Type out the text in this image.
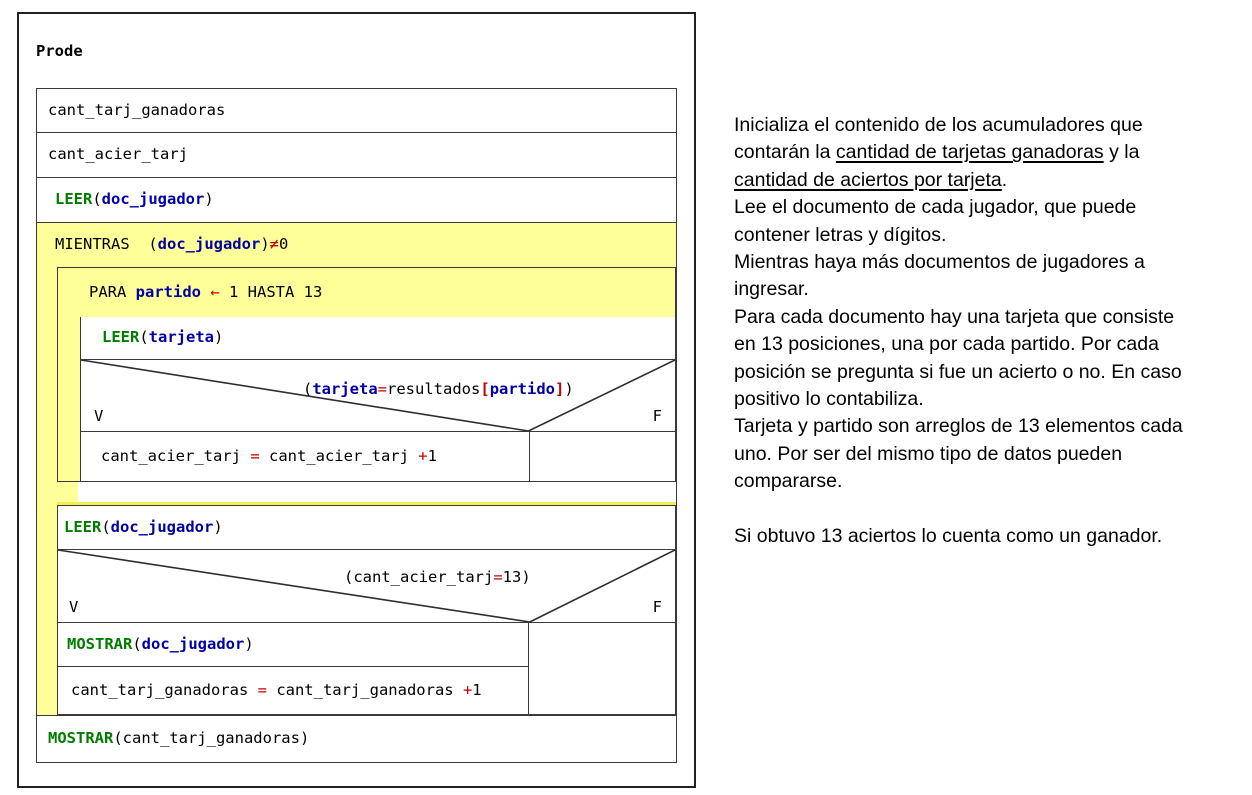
Prode
cant_tarj_ganadoras
cant_acier_tarj
LEER ( doc_jugador )
MIENTRAS  ( doc_jugador ) ≠ 0
PARA partido
← 1 HASTA 13
LEER ( tarjeta )
(tarjeta=resultados[partido])
V	F
cant_acier_tarj = cant_acier_tarj + 1
LEER ( doc_jugador )
(cant_acier_tarj=13)
V	F
MOSTRAR ( doc_jugador )
cant_tarj_ganadoras = cant_tarj_ganadoras + 1
MOSTRAR (cant_tarj_ganadoras)
Inicializa el contenido de los acumuladores que
contarán la cantidad de tarjetas ganadoras y la
cantidad de aciertos por tarjeta.
Lee el documento de cada jugador, que puede
contener letras y dígitos.
Mientras haya más documentos de jugadores a
ingresar.
Para cada documento hay una tarjeta que consiste
en 13 posiciones, una por cada partido. Por cada
posición se pregunta si fue un acierto o no. En caso
positivo lo contabiliza.
Tarjeta y partido son arreglos de 13 elementos cada
uno. Por ser del mismo tipo de datos pueden
compararse.
Si obtuvo 13 aciertos lo cuenta como un ganador.
